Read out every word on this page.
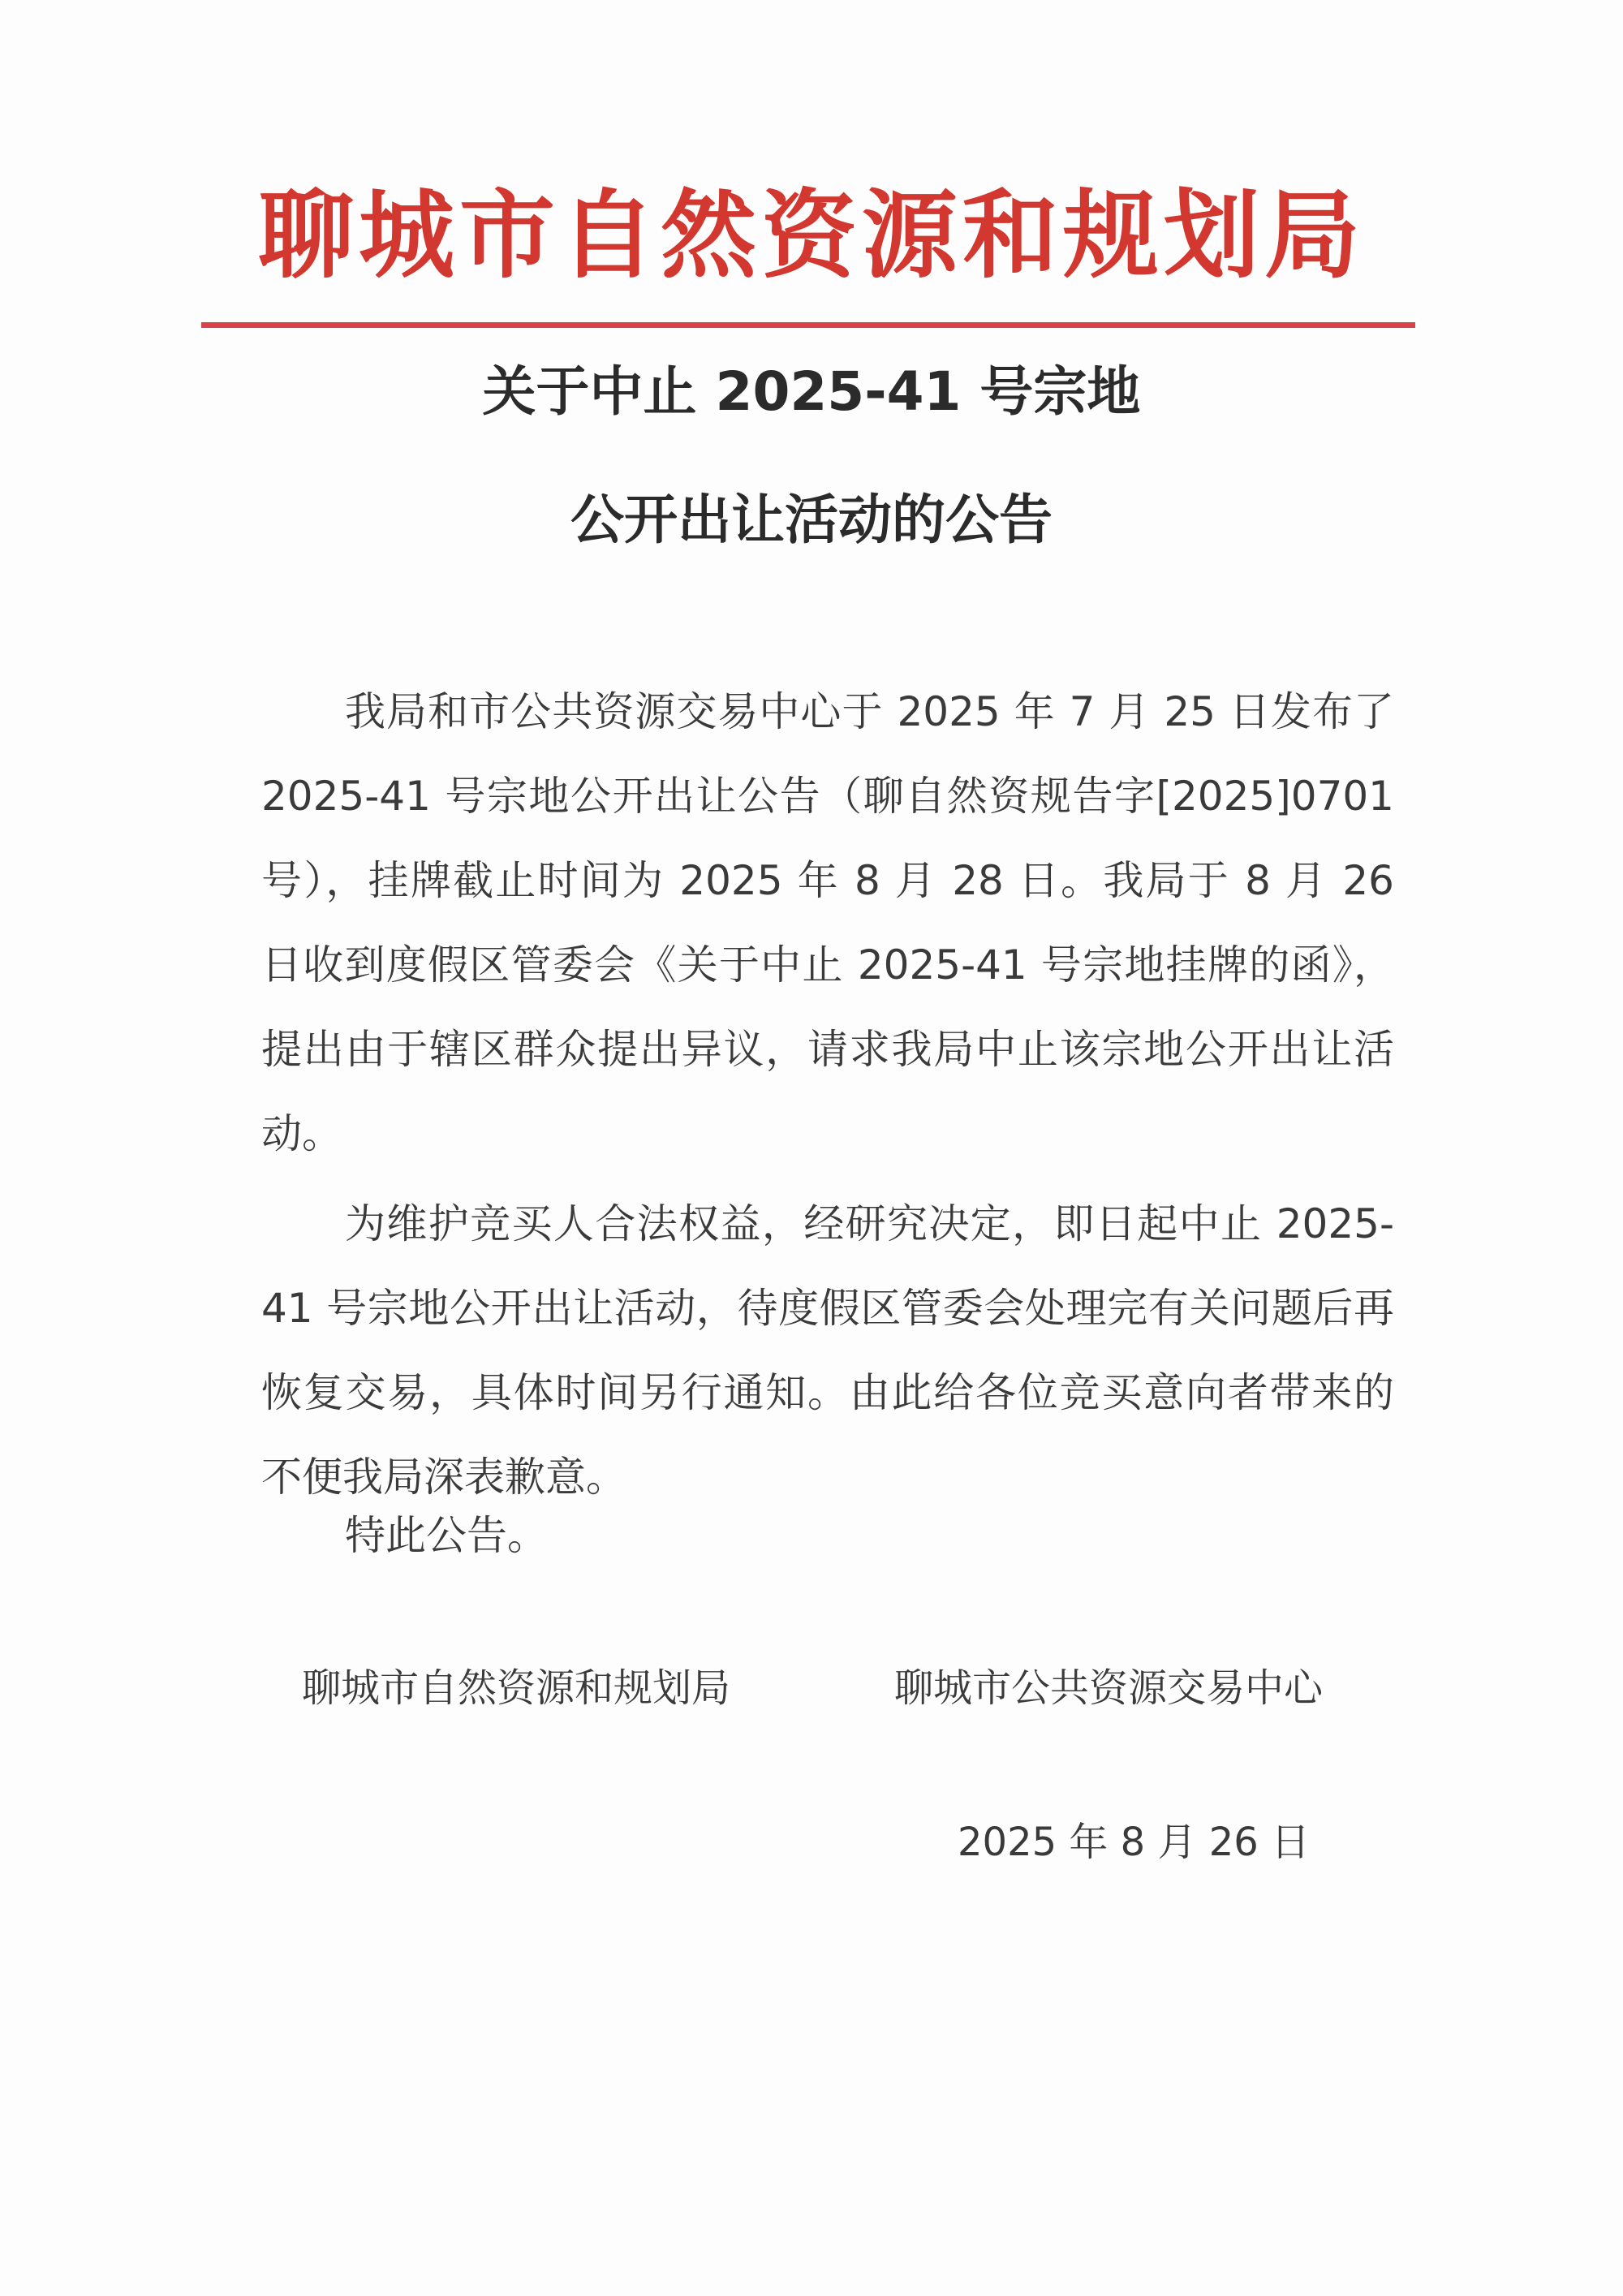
聊城市自然资源和规划局
关于中止 2025-41 号宗地
公开出让活动的公告

我局和市公共资源交易中心于 2025 年 7 月 25 日发布了 2025-41 号宗地公开出让公告（聊自然资规告字[2025]0701 号），挂牌截止时间为 2025 年 8 月 28 日。我局于 8 月 26 日收到度假区管委会《关于中止 2025-41 号宗地挂牌的函》，提出由于辖区群众提出异议，请求我局中止该宗地公开出让活动。

为维护竞买人合法权益，经研究决定，即日起中止 2025-41 号宗地公开出让活动，待度假区管委会处理完有关问题后再恢复交易，具体时间另行通知。由此给各位竞买意向者带来的不便我局深表歉意。

特此公告。

聊城市自然资源和规划局	聊城市公共资源交易中心
2025 年 8 月 26 日
